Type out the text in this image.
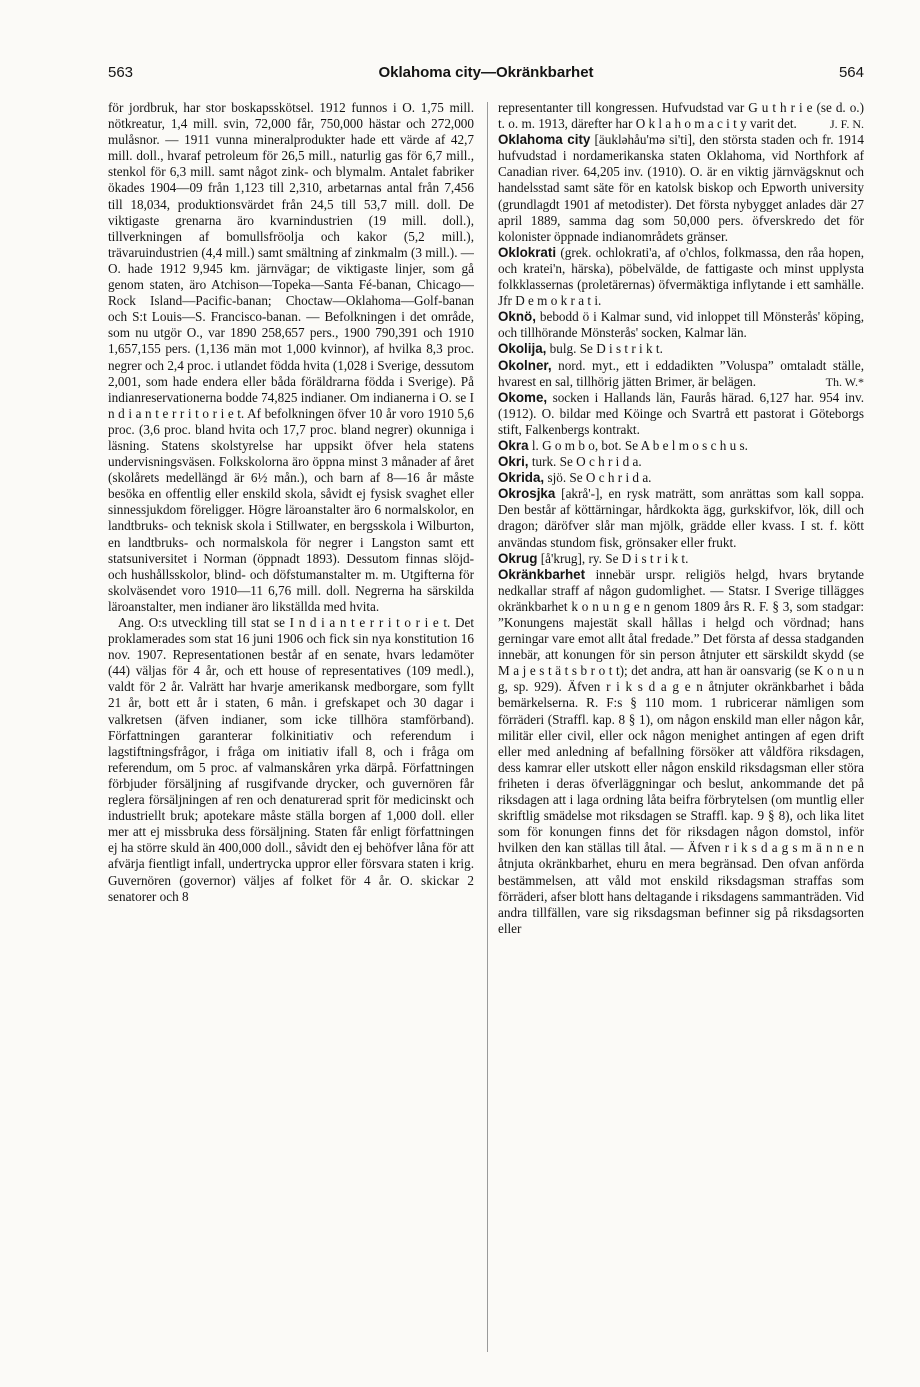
563	Oklahoma city—Okränkbarhet	564

för jordbruk, har stor boskapsskötsel. 1912 funnos i O. 1,75 mill. nötkreatur, 1,4 mill. svin, 72,000 får, 750,000 hästar och 272,000 mulåsnor. — 1911 vunna mineralprodukter hade ett värde af 42,7 mill. doll., hvaraf petroleum för 26,5 mill., naturlig gas för 6,7 mill., stenkol för 6,3 mill. samt något zink- och blymalm. Antalet fabriker ökades 1904—09 från 1,123 till 2,310, arbetarnas antal från 7,456 till 18,034, produktionsvärdet från 24,5 till 53,7 mill. doll. De viktigaste grenarna äro kvarnindustrien (19 mill. doll.), tillverkningen af bomullsfröolja och kakor (5,2 mill.), trävaruindustrien (4,4 mill.) samt smältning af zinkmalm (3 mill.). — O. hade 1912 9,945 km. järnvägar; de viktigaste linjer, som gå genom staten, äro Atchison—Topeka—Santa Fé-banan, Chicago—Rock Island—Pacific-banan; Choctaw—Oklahoma—Golf-banan och S:t Louis—S. Francisco-banan. — Befolkningen i det område, som nu utgör O., var 1890 258,657 pers., 1900 790,391 och 1910 1,657,155 pers. (1,136 män mot 1,000 kvinnor), af hvilka 8,3 proc. negrer och 2,4 proc. i utlandet födda hvita (1,028 i Sverige, dessutom 2,001, som hade endera eller båda föräldrarna födda i Sverige). På indianreservationerna bodde 74,825 indianer. Om indianerna i O. se I n d i a n t e r r i t o r i e t. Af befolkningen öfver 10 år voro 1910 5,6 proc. (3,6 proc. bland hvita och 17,7 proc. bland negrer) okunniga i läsning. Statens skolstyrelse har uppsikt öfver hela statens undervisningsväsen. Folkskolorna äro öppna minst 3 månader af året (skolårets medellängd är 6½ mån.), och barn af 8—16 år måste besöka en offentlig eller enskild skola, såvidt ej fysisk svaghet eller sinnessjukdom föreligger. Högre läroanstalter äro 6 normalskolor, en landtbruks- och teknisk skola i Stillwater, en bergsskola i Wilburton, en landtbruks- och normalskola för negrer i Langston samt ett statsuniversitet i Norman (öppnadt 1893). Dessutom finnas slöjd- och hushållsskolor, blind- och döfstumanstalter m. m. Utgifterna för skolväsendet voro 1910—11 6,76 mill. doll. Negrerna ha särskilda läroanstalter, men indianer äro likställda med hvita.

Ang. O:s utveckling till stat se I n d i a n t e r r i t o r i e t. Det proklamerades som stat 16 juni 1906 och fick sin nya konstitution 16 nov. 1907. Representationen består af en senate, hvars ledamöter (44) väljas för 4 år, och ett house of representatives (109 medl.), valdt för 2 år. Valrätt har hvarje amerikansk medborgare, som fyllt 21 år, bott ett år i staten, 6 mån. i grefskapet och 30 dagar i valkretsen (äfven indianer, som icke tillhöra stamförband). Författningen garanterar folkinitiativ och referendum i lagstiftningsfrågor, i fråga om initiativ ifall 8, och i fråga om referendum, om 5 proc. af valmanskåren yrka därpå. Författningen förbjuder försäljning af rusgifvande drycker, och guvernören får reglera försäljningen af ren och denaturerad sprit för medicinskt och industriellt bruk; apotekare måste ställa borgen af 1,000 doll. eller mer att ej missbruka dess försäljning. Staten får enligt författningen ej ha större skuld än 400,000 doll., såvidt den ej behöfver låna för att afvärja fientligt infall, undertrycka uppror eller försvara staten i krig. Guvernören (governor) väljes af folket för 4 år. O. skickar 2 senatorer och 8

representanter till kongressen. Hufvudstad var G u t h r i e (se d. o.) t. o. m. 1913, därefter har O k l a h o m a c i t y varit det.	J. F. N.

Oklahoma city [äukləhåu'mə si'ti], den största staden och fr. 1914 hufvudstad i nordamerikanska staten Oklahoma, vid Northfork af Canadian river. 64,205 inv. (1910). O. är en viktig järnvägsknut och handelsstad samt säte för en katolsk biskop och Epworth university (grundlagdt 1901 af metodister). Det första nybygget anlades där 27 april 1889, samma dag som 50,000 pers. öfverskredo det för kolonister öppnade indianområdets gränser.

Oklokrati (grek. ochlokrati'a, af o'chlos, folkmassa, den råa hopen, och kratei'n, härska), pöbelvälde, de fattigaste och minst upplysta folkklassernas (proletärernas) öfvermäktiga inflytande i ett samhälle. Jfr D e m o k r a t i.

Oknö, bebodd ö i Kalmar sund, vid inloppet till Mönsterås' köping, och tillhörande Mönsterås' socken, Kalmar län.

Okolija, bulg. Se D i s t r i k t.

Okolner, nord. myt., ett i eddadikten ”Voluspa” omtaladt ställe, hvarest en sal, tillhörig jätten Brimer, är belägen.	Th. W.*

Okome, socken i Hallands län, Faurås härad. 6,127 har. 954 inv. (1912). O. bildar med Köinge och Svartrå ett pastorat i Göteborgs stift, Falkenbergs kontrakt.

Okra l. G o m b o, bot. Se A b e l m o s c h u s.

Okri, turk. Se O c h r i d a.

Okrida, sjö. Se O c h r i d a.

Okrosjka [akrå'-], en rysk maträtt, som anrättas som kall soppa. Den består af köttärningar, hårdkokta ägg, gurkskifvor, lök, dill och dragon; däröfver slår man mjölk, grädde eller kvass. I st. f. kött användas stundom fisk, grönsaker eller frukt.

Okrug [å'krug], ry. Se D i s t r i k t.

Okränkbarhet innebär urspr. religiös helgd, hvars brytande nedkallar straff af någon gudomlighet. — Statsr. I Sverige tillägges okränkbarhet k o n u n g e n genom 1809 års R. F. § 3, som stadgar: ”Konungens majestät skall hållas i helgd och vördnad; hans gerningar vare emot allt åtal fredade.” Det första af dessa stadganden innebär, att konungen för sin person åtnjuter ett särskildt skydd (se M a j e s t ä t s b r o t t); det andra, att han är oansvarig (se K o n u n g, sp. 929). Äfven r i k s d a g e n åtnjuter okränkbarhet i båda bemärkelserna. R. F:s § 110 mom. 1 rubricerar nämligen som förräderi (Straffl. kap. 8 § 1), om någon enskild man eller någon kår, militär eller civil, eller ock någon menighet antingen af egen drift eller med anledning af befallning försöker att våldföra riksdagen, dess kamrar eller utskott eller någon enskild riksdagsman eller störa friheten i deras öfverläggningar och beslut, ankommande det på riksdagen att i laga ordning låta beifra förbrytelsen (om muntlig eller skriftlig smädelse mot riksdagen se Straffl. kap. 9 § 8), och lika litet som för konungen finns det för riksdagen någon domstol, inför hvilken den kan ställas till åtal. — Äfven r i k s d a g s m ä n n e n åtnjuta okränkbarhet, ehuru en mera begränsad. Den ofvan anförda bestämmelsen, att våld mot enskild riksdagsman straffas som förräderi, afser blott hans deltagande i riksdagens sammanträden. Vid andra tillfällen, vare sig riksdagsman befinner sig på riksdagsorten eller
